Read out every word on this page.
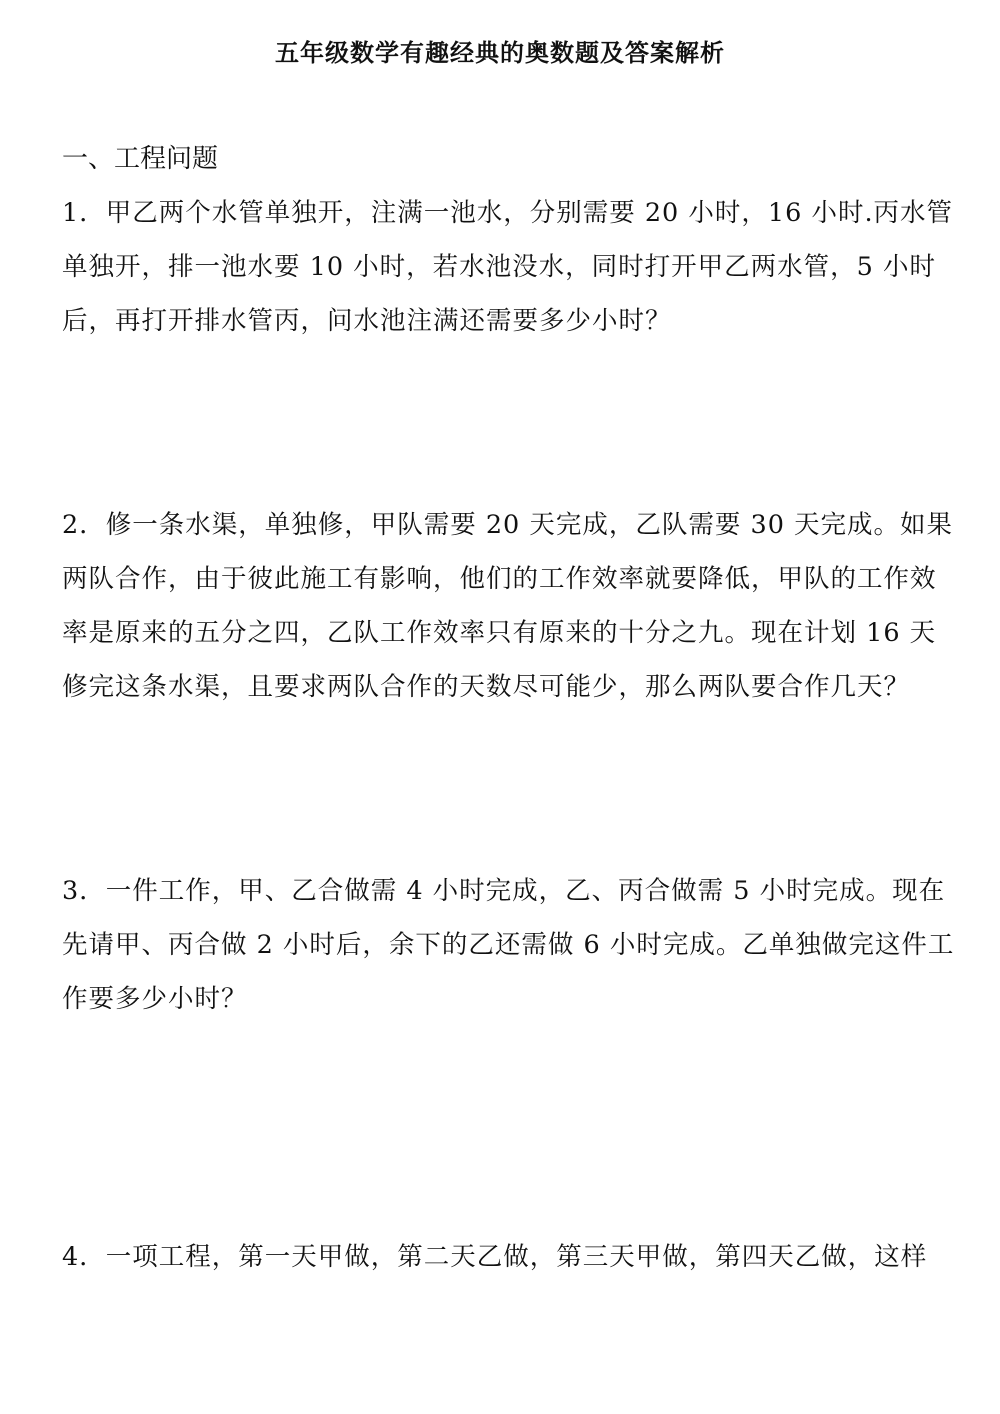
五年级数学有趣经典的奥数题及答案解析
一、工程问题

1．甲乙两个水管单独开，注满一池水，分别需要 20 小时，16 小时.丙水管
单独开，排一池水要 10 小时，若水池没水，同时打开甲乙两水管，5 小时
后，再打开排水管丙，问水池注满还需要多少小时？

2．修一条水渠，单独修，甲队需要 20 天完成，乙队需要 30 天完成。如果
两队合作，由于彼此施工有影响，他们的工作效率就要降低，甲队的工作效
率是原来的五分之四，乙队工作效率只有原来的十分之九。现在计划 16 天
修完这条水渠，且要求两队合作的天数尽可能少，那么两队要合作几天？

3．一件工作，甲、乙合做需 4 小时完成，乙、丙合做需 5 小时完成。现在
先请甲、丙合做 2 小时后，余下的乙还需做 6 小时完成。乙单独做完这件工
作要多少小时？

4．一项工程，第一天甲做，第二天乙做，第三天甲做，第四天乙做，这样
